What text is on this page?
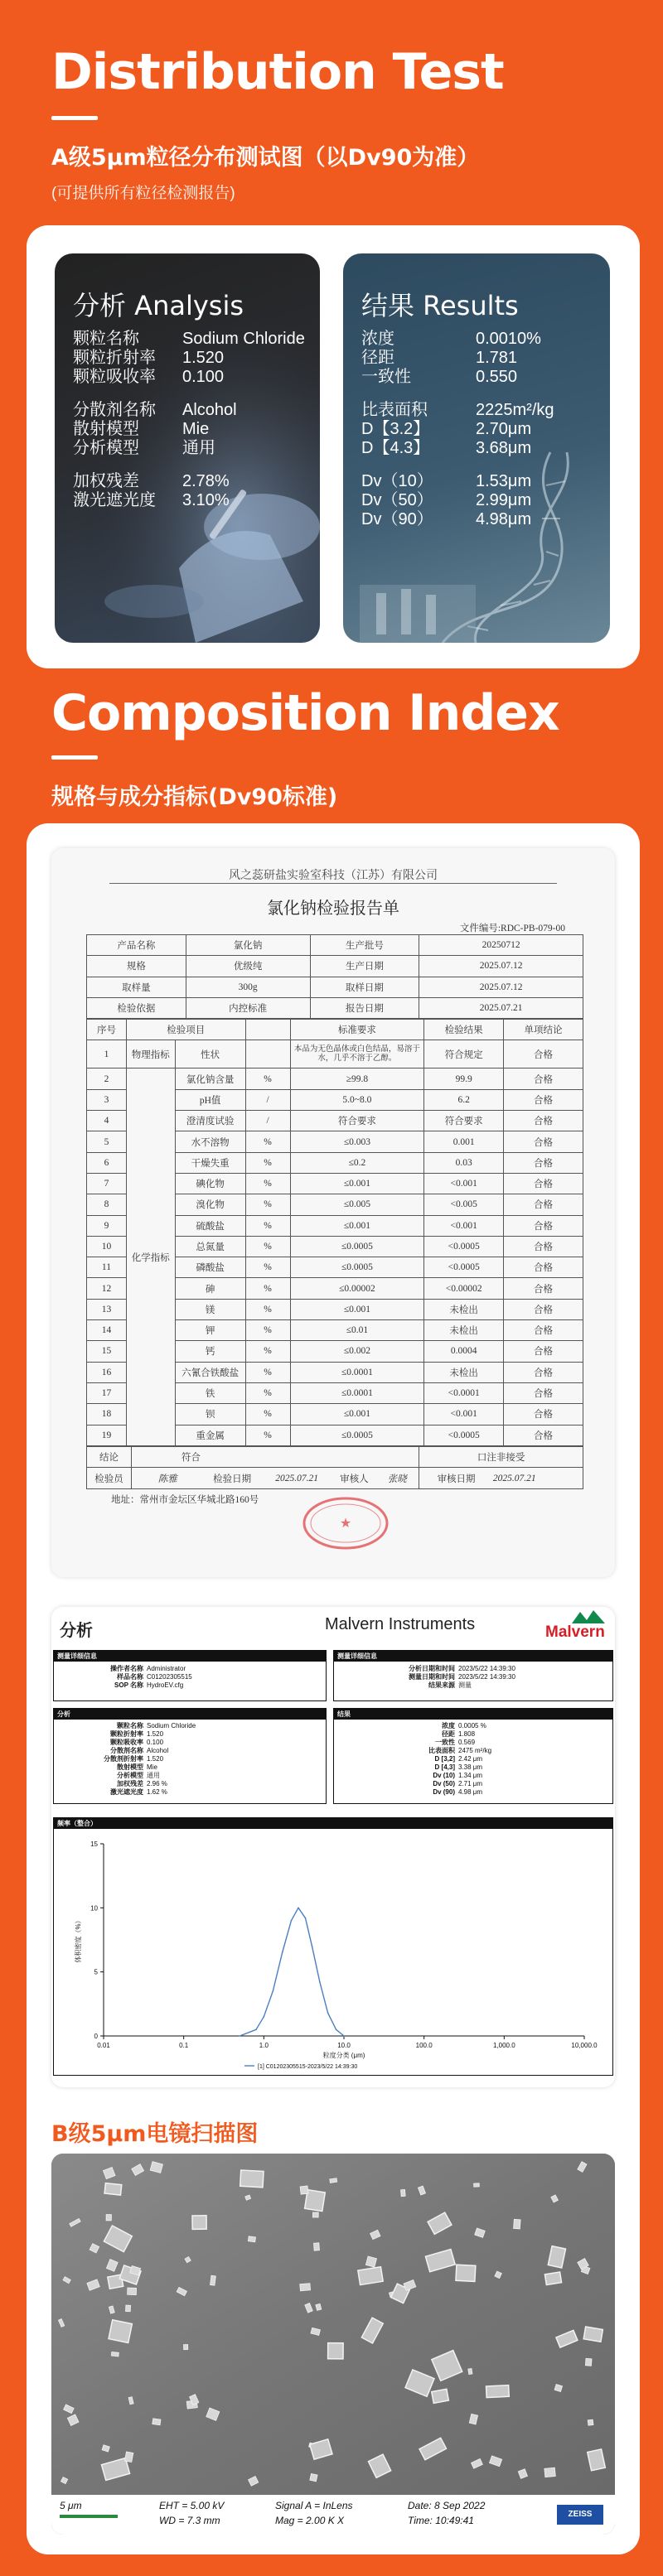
Distribution Test
A级5μm粒径分布测试图（以Dv90为准）
(可提供所有粒径检测报告)
分析 Analysis
颗粒名称	Sodium Chloride
颗粒折射率 1.520
颗粒吸收率 0.100
分散剂名称 Alcohol
散射模型	Mie
分析模型	通用
加权残差	2.78%
激光遮光度 3.10%
结果 Results
浓度	0.0010%
径距	1.781
一致性	0.550
比表面积	2225m²/kg
D【3.2】	2.70μm
D【4.3】	3.68μm
Dv（10）	1.53μm
Dv（50）	2.99μm
Dv（90）	4.98μm
Composition Index
规格与成分指标(Dv90标准)
风之蕊研盐实验室科技（江苏）有限公司
氯化钠检验报告单
文件编号:RDC-PB-079-00
产品名称	氯化钠	生产批号	20250712
规格	优级纯	生产日期	2025.07.12
取样量	300g	取样日期	2025.07.12
检验依据	内控标准	报告日期	2025.07.21
序号	检验项目			标准要求	检验结果	单项结论
1	物理指标	性状		本品为无色晶体或白色结晶，易溶于水，几乎不溶于乙醇。	符合规定	合格
2	化学指标	氯化钠含量	%	≥99.8	99.9	合格
3		pH值	/	5.0~8.0	6.2	合格
4		澄清度试验	/	符合要求	符合要求	合格
5		水不溶物	%	≤0.003	0.001	合格
6		干燥失重	%	≤0.2	0.03	合格
7		碘化物	%	≤0.001	<0.001	合格
8		溴化物	%	≤0.005	<0.005	合格
9		硫酸盐	%	≤0.001	<0.001	合格
10		总氮量	%	≤0.0005	<0.0005	合格
11		磷酸盐	%	≤0.0005	<0.0005	合格
12		砷	%	≤0.00002	<0.00002	合格
13		镁	%	≤0.001	未检出	合格
14		钾	%	≤0.01	未检出	合格
15		钙	%	≤0.002	0.0004	合格
16		六氰合铁酸盐	%	≤0.0001	未检出	合格
17		铁	%	≤0.0001	<0.0001	合格
18		钡	%	≤0.001	<0.001	合格
19		重金属	%	≤0.0005	<0.0005	合格
结论	符合	口注非接受
检验员	陈雅 检验日期 2025.07.21 审核人 张晓	审核日期 2025.07.21
地址：常州市金坛区华城北路160号
★
分析	Malvern Instruments	Malvern
测量详细信息
操作者名称 Administrator
样品名称 C01202305515
SOP 名称 HydroEV.cfg
测量详细信息
分析日期和时间 2023/5/22 14:39:30
测量日期和时间 2023/5/22 14:39:30
结果来源 测量
分析
颗粒名称 Sodium Chloride
颗粒折射率 1.520
颗粒吸收率 0.100
分散剂名称 Alcohol
分散剂折射率 1.520
散射模型 Mie
分析模型 通用
加权残差 2.96 %
激光遮光度 1.62 %
结果
浓度 0.0005 %
径距 1.808
一致性 0.569
比表面积 2475 m²/kg
D [3,2] 2.42 μm
D [4,3] 3.38 μm
Dv (10) 1.34 μm
Dv (50) 2.71 μm
Dv (90) 4.98 μm
频率（整合）
0
5
10
15
0.01	0.1	1.0	10.0	100.0	1,000.0	10,000.0
体积密度（%）
粒度分类 (μm)
[1] C01202305515-2023/5/22 14:39:30
B级5μm电镜扫描图
5 μm	EHT = 5.00 kV
WD = 7.3 mm
Signal A = InLens
Mag = 2.00 K X
Date: 8 Sep 2022
Time: 10:49:41
ZEISS
